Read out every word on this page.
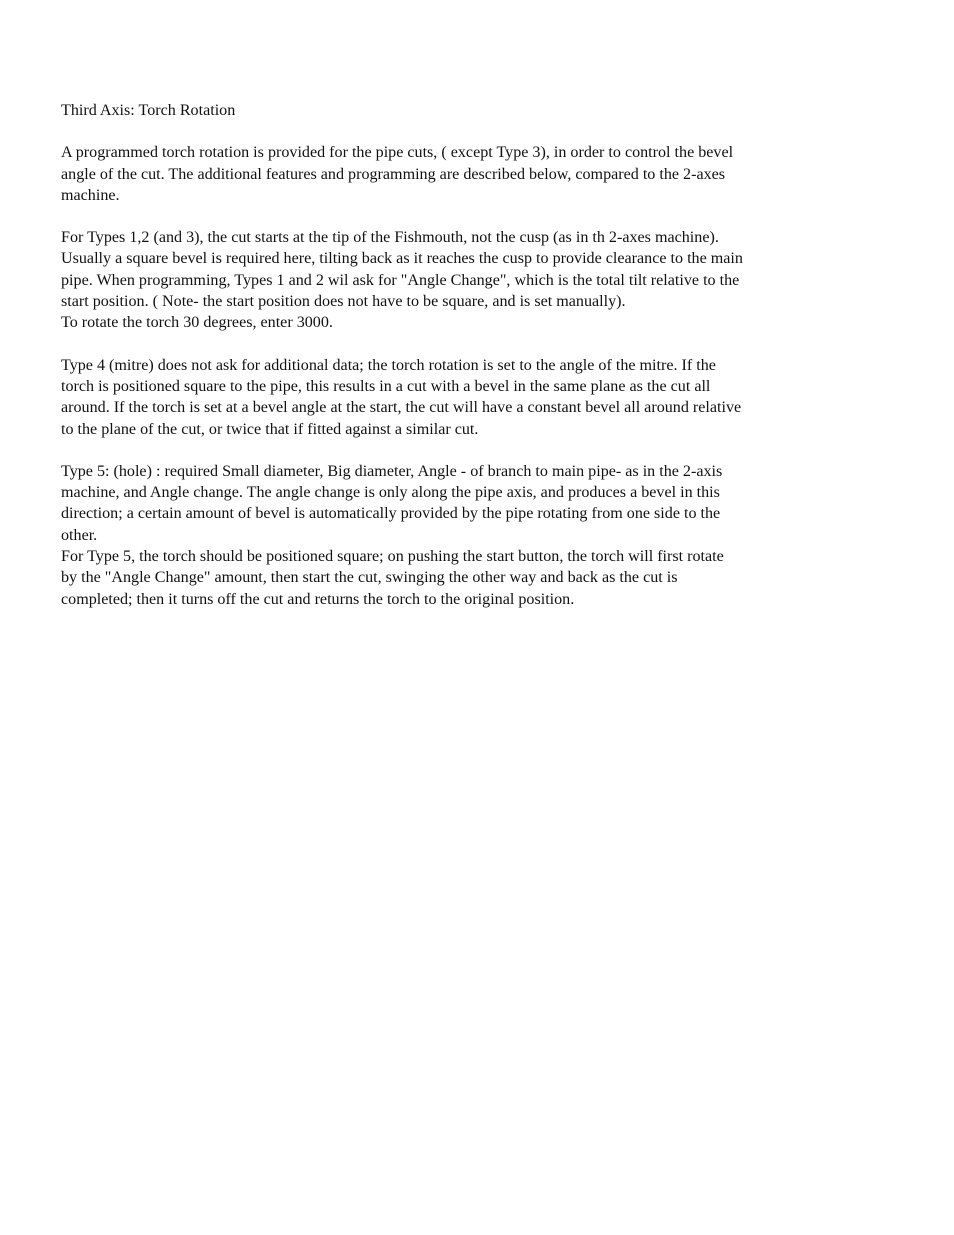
Third Axis: Torch Rotation
A programmed torch rotation is provided for the pipe cuts, ( except Type 3), in order to control the bevel
angle of the cut. The additional features and programming are described below, compared to the 2-axes
machine.
For Types 1,2 (and 3), the cut starts at the tip of the Fishmouth, not the cusp (as in th 2-axes machine).
Usually a square bevel is required here, tilting back as it reaches the cusp to provide clearance to the main
pipe. When programming, Types 1 and 2 wil ask for "Angle Change", which is the total tilt relative to the
start position. ( Note- the start position does not have to be square, and is set manually).
To rotate the torch 30 degrees, enter 3000.
Type 4 (mitre) does not ask for additional data; the torch rotation is set to the angle of the mitre. If the
torch is positioned square to the pipe, this results in a cut with a bevel in the same plane as the cut all
around. If the torch is set at a bevel angle at the start, the cut will have a constant bevel all around relative
to the plane of the cut, or twice that if fitted against a similar cut.
Type 5: (hole) : required Small diameter, Big diameter, Angle - of branch to main pipe- as in the 2-axis
machine, and Angle change. The angle change is only along the pipe axis, and produces a bevel in this
direction; a certain amount of bevel is automatically provided by the pipe rotating from one side to the
other.
For Type 5, the torch should be positioned square; on pushing the start button, the torch will first rotate
by the "Angle Change" amount, then start the cut, swinging the other way and back as the cut is
completed; then it turns off the cut and returns the torch to the original position.
